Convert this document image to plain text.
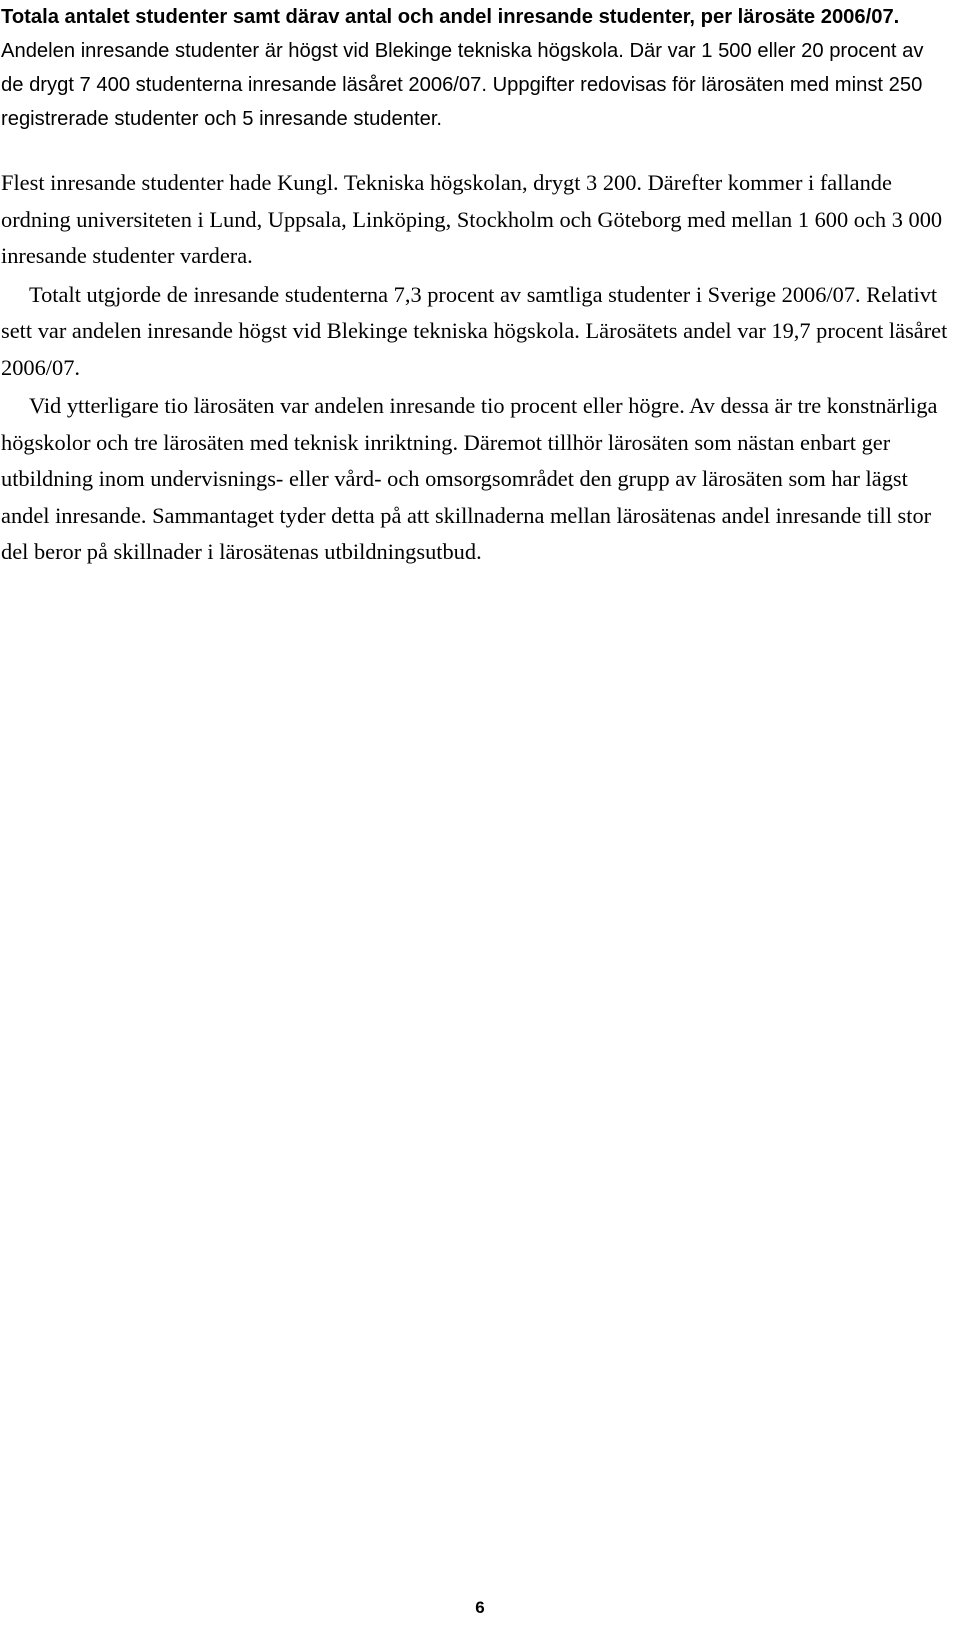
Totala antalet studenter samt därav antal och andel inresande studenter, per lärosäte 2006/07. Andelen inresande studenter är högst vid Blekinge tekniska högskola. Där var 1 500 eller 20 procent av de drygt 7 400 studenterna inresande läsåret 2006/07. Uppgifter redovisas för lärosäten med minst 250 registrerade studenter och 5 inresande studenter.

Flest inresande studenter hade Kungl. Tekniska högskolan, drygt 3 200. Därefter kommer i fallande ordning universiteten i Lund, Uppsala, Linköping, Stockholm och Göteborg med mellan 1 600 och 3 000 inresande studenter vardera.

Totalt utgjorde de inresande studenterna 7,3 procent av samtliga studenter i Sverige 2006/07. Relativt sett var andelen inresande högst vid Blekinge tekniska högskola. Lärosätets andel var 19,7 procent läsåret 2006/07.

Vid ytterligare tio lärosäten var andelen inresande tio procent eller högre. Av dessa är tre konstnärliga högskolor och tre lärosäten med teknisk inriktning. Däremot tillhör lärosäten som nästan enbart ger utbildning inom undervisnings- eller vård- och omsorgsområdet den grupp av lärosäten som har lägst andel inresande. Sammantaget tyder detta på att skillnaderna mellan lärosätenas andel inresande till stor del beror på skillnader i lärosätenas utbildningsutbud.

6
